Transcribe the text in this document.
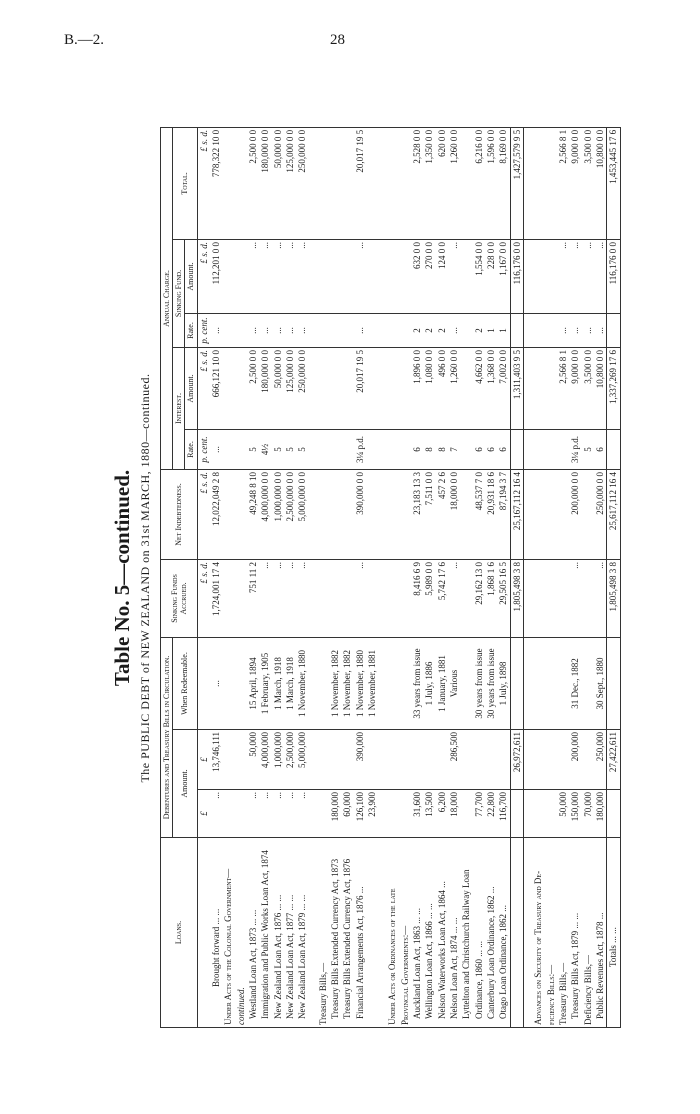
B.—2.	28
Table No. 5—continued. The PUBLIC DEBT of NEW ZEALAND on 31st MARCH, 1880—continued.
Loans.	Debentures and Treasury Bills in Circulation.			Sinking Funds Accrued.	Net Indebtedness.	Annual Charge.				
	Amount.		When Redeemable.			Interest.		Sinking Fund.		Total.
						Rate.	Amount.	Rate.	Amount.	
	£	£		£ s. d.	£ s. d.	p. cent.	£ s. d.	p. cent.	£ s. d.	£ s. d.
Brought forward ... ...	...	13,746,111	...	1,724,001 17 4	12,022,049 2 8	...	666,121 10 0	...	112,201 0 0	778,322 10 0
Under Acts of the Colonial Government—										
continued.										
Westland Loan Act, 1873 ... ...	...	50,000	15 April, 1894	751 11 2	49,248 8 10	5	2,500 0 0	...	...	2,500 0 0
Immigration and Public Works Loan Act, 1874	...	4,000,000	1 February, 1905	...	4,000,000 0 0	4½	180,000 0 0	...	...	180,000 0 0
New Zealand Loan Act, 1876 ... ...	...	1,000,000	1 March, 1918	...	1,000,000 0 0	5	50,000 0 0	...	...	50,000 0 0
New Zealand Loan Act, 1877 ... ...	...	2,500,000	1 March, 1918	...	2,500,000 0 0	5	125,000 0 0	...	...	125,000 0 0
New Zealand Loan Act, 1879 ... ...	...	5,000,000	1 November, 1880	...	5,000,000 0 0	5	250,000 0 0	...	...	250,000 0 0

Treasury Bills,—										
Treasury Bills Extended Currency Act, 1873	180,000		1 November, 1882							
Treasury Bills Extended Currency Act, 1876	60,000		1 November, 1882							
Financial Arrangements Act, 1876 ...	126,100	390,000	1 November, 1880	...	390,000 0 0	3¼ p.d.	20,017 19 5	...	...	20,017 19 5
	23,900		1 November, 1881							

Under Acts or Ordinances of the late										
Provincial Governments:—										
Auckland Loan Act, 1863 ... ...	31,600		33 years from issue	8,416 6 9	23,183 13 3	6	1,896 0 0	2	632 0 0	2,528 0 0
Wellington Loan Act, 1866 ... ...	13,500		1 July, 1886	5,989 0 0	7,511 0 0	8	1,080 0 0	2	270 0 0	1,350 0 0
Nelson Waterworks Loan Act, 1864 ...	6,200		1 January, 1881	5,742 17 6	457 2 6	8	496 0 0	2	124 0 0	620 0 0
Nelson Loan Act, 1874 ... ...	18,000	286,500	Various	...	18,000 0 0	7	1,260 0 0	...	...	1,260 0 0
Lyttelton and Christchurch Railway Loan										
Ordinance, 1860 ... ...	77,700		30 years from issue	29,162 13 0	48,537 7 0	6	4,662 0 0	2	1,554 0 0	6,216 0 0
Canterbury Loan Ordinance, 1862 ...	22,800		30 years from issue	1,868 1 6	20,931 18 6	6	1,368 0 0	1	228 0 0	1,596 0 0
Otago Loan Ordinance, 1862 ...	116,700		1 July, 1898	29,505 16 5	87,194 3 7	6	7,002 0 0	1	1,167 0 0	8,169 0 0
		26,972,611		1,805,498 3 8	25,167,112 16 4		1,311,403 9 5		116,176 0 0	1,427,579 9 5

Advances on Security of Treasury and De-										
ficiency Bills:—										
Treasury Bills,—	50,000						2,566 8 1	...	...	2,566 8 1
Treasury Bills Act, 1879 ... ...	150,000	200,000	31 Dec., 1882	...	200,000 0 0	3¼ p.d.	9,000 0 0	...	...	9,000 0 0
Deficiency Bills,—	70,000					5	3,500 0 0	...	...	3,500 0 0
Public Revenues Act, 1878 ...	180,000	250,000	30 Sept., 1880	...	250,000 0 0	6	10,800 0 0	...	...	10,800 0 0
Totals ... ...		27,422,611		1,805,498 3 8	25,617,112 16 4		1,337,269 17 6		116,176 0 0	1,453,445 17 6
